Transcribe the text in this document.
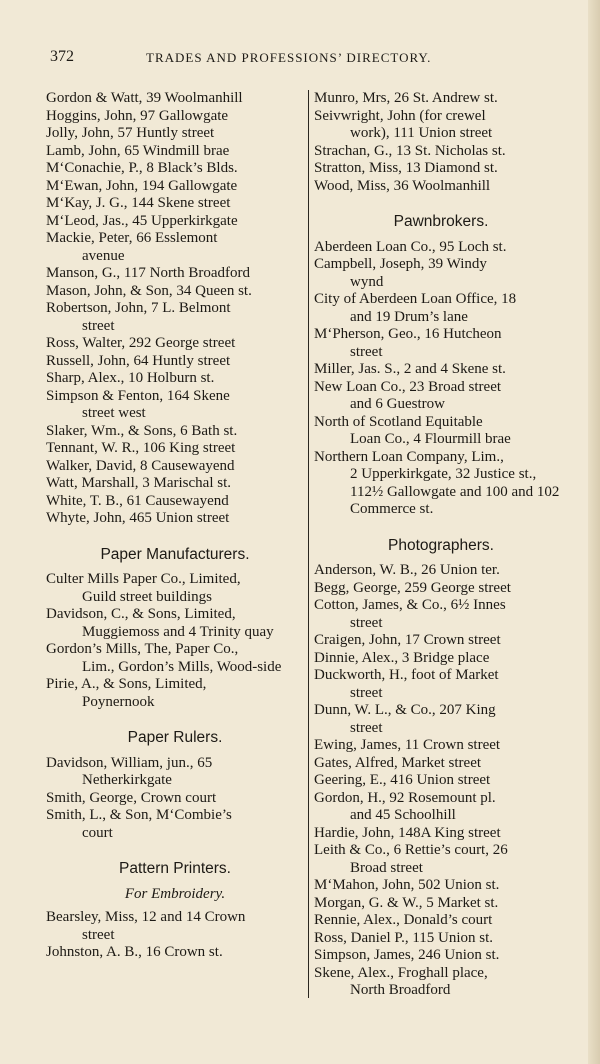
372	TRADES AND PROFESSIONS’ DIRECTORY.

Gordon & Watt, 39 Woolmanhill

Hoggins, John, 97 Gallowgate

Jolly, John, 57 Huntly street

Lamb, John, 65 Windmill brae

M‘Conachie, P., 8 Black’s Blds.

M‘Ewan, John, 194 Gallowgate

M‘Kay, J. G., 144 Skene street

M‘Leod, Jas., 45 Upperkirkgate

Mackie, Peter, 66 Esslemont
avenue

Manson, G., 117 North Broadford

Mason, John, & Son, 34 Queen st.

Robertson, John, 7 L. Belmont
street

Ross, Walter, 292 George street

Russell, John, 64 Huntly street

Sharp, Alex., 10 Holburn st.

Simpson & Fenton, 164 Skene
street west

Slaker, Wm., & Sons, 6 Bath st.

Tennant, W. R., 106 King street

Walker, David, 8 Causewayend

Watt, Marshall, 3 Marischal st.

White, T. B., 61 Causewayend

Whyte, John, 465 Union street

Paper Manufacturers.

Culter Mills Paper Co., Limited,
Guild street buildings

Davidson, C., & Sons, Limited,
Muggiemoss and 4 Trinity quay

Gordon’s Mills, The, Paper Co.,
Lim., Gordon’s Mills, Wood-side

Pirie, A., & Sons, Limited,
Poynernook

Paper Rulers.

Davidson, William, jun., 65
Netherkirkgate

Smith, George, Crown court

Smith, L., & Son, M‘Combie’s
court

Pattern Printers.
For Embroidery.

Bearsley, Miss, 12 and 14 Crown
street

Johnston, A. B., 16 Crown st.

Munro, Mrs, 26 St. Andrew st.

Seivwright, John (for crewel
work), 111 Union street

Strachan, G., 13 St. Nicholas st.

Stratton, Miss, 13 Diamond st.

Wood, Miss, 36 Woolmanhill

Pawnbrokers.

Aberdeen Loan Co., 95 Loch st.

Campbell, Joseph, 39 Windy
wynd

City of Aberdeen Loan Office, 18
and 19 Drum’s lane

M‘Pherson, Geo., 16 Hutcheon
street

Miller, Jas. S., 2 and 4 Skene st.

New Loan Co., 23 Broad street
and 6 Guestrow

North of Scotland Equitable
Loan Co., 4 Flourmill brae

Northern Loan Company, Lim.,
2 Upperkirkgate, 32 Justice st., 112½ Gallowgate and 100 and 102 Commerce st.

Photographers.

Anderson, W. B., 26 Union ter.

Begg, George, 259 George street

Cotton, James, & Co., 6½ Innes
street

Craigen, John, 17 Crown street

Dinnie, Alex., 3 Bridge place

Duckworth, H., foot of Market
street

Dunn, W. L., & Co., 207 King
street

Ewing, James, 11 Crown street

Gates, Alfred, Market street

Geering, E., 416 Union street

Gordon, H., 92 Rosemount pl.
and 45 Schoolhill

Hardie, John, 148A King street

Leith & Co., 6 Rettie’s court, 26
Broad street

M‘Mahon, John, 502 Union st.

Morgan, G. & W., 5 Market st.

Rennie, Alex., Donald’s court

Ross, Daniel P., 115 Union st.

Simpson, James, 246 Union st.

Skene, Alex., Froghall place,
North Broadford
